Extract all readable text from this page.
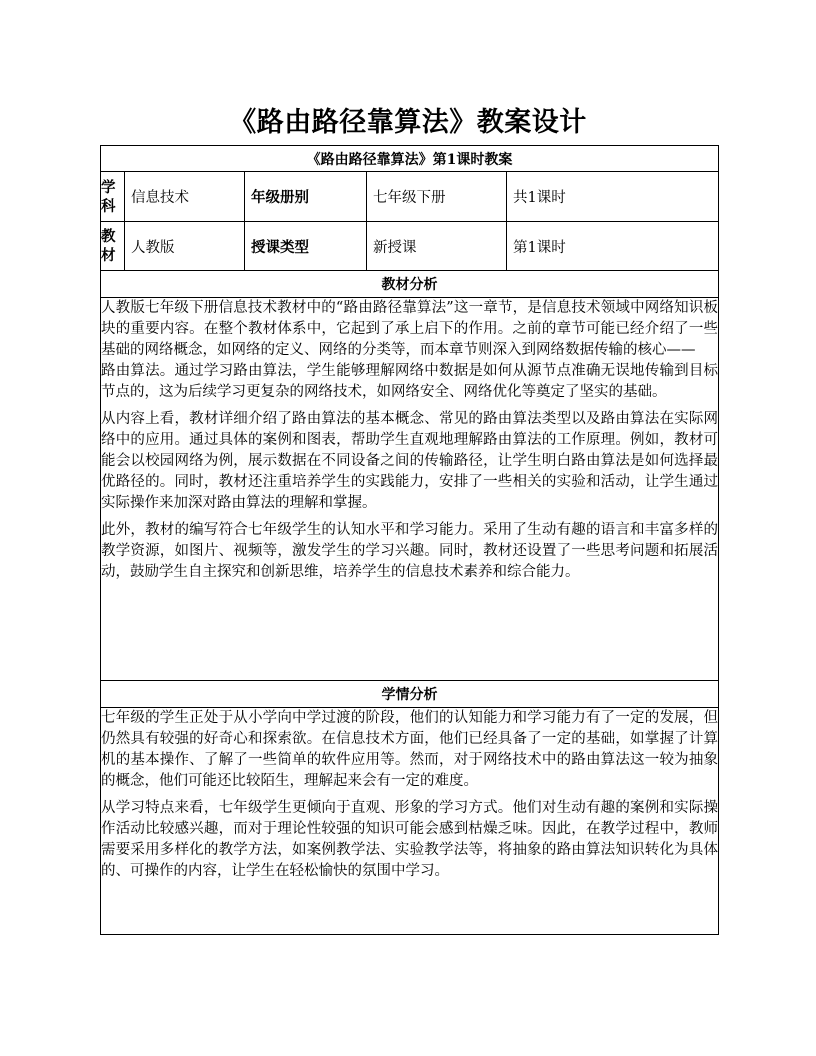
《路由路径靠算法》教案设计
《路由路径靠算法》第1课时教案				
学科	信息技术	年级册别	七年级下册	共1课时
教材	人教版	授课类型	新授课	第1课时
教材分析				

人教版七年级下册信息技术教材中的“路由路径靠算法”这一章节，是信息技术领域中网络知识板块的重要内容。在整个教材体系中，它起到了承上启下的作用。之前的章节可能已经介绍了一些基础的网络概念，如网络的定义、网络的分类等，而本章节则深入到网络数据传输的核心——

路由算法。通过学习路由算法，学生能够理解网络中数据是如何从源节点准确无误地传输到目标节点的，这为后续学习更复杂的网络技术，如网络安全、网络优化等奠定了坚实的基础。

从内容上看，教材详细介绍了路由算法的基本概念、常见的路由算法类型以及路由算法在实际网络中的应用。通过具体的案例和图表，帮助学生直观地理解路由算法的工作原理。例如，教材可能会以校园网络为例，展示数据在不同设备之间的传输路径，让学生明白路由算法是如何选择最优路径的。同时，教材还注重培养学生的实践能力，安排了一些相关的实验和活动，让学生通过实际操作来加深对路由算法的理解和掌握。

此外，教材的编写符合七年级学生的认知水平和学习能力。采用了生动有趣的语言和丰富多样的教学资源，如图片、视频等，激发学生的学习兴趣。同时，教材还设置了一些思考问题和拓展活动，鼓励学生自主探究和创新思维，培养学生的信息技术素养和综合能力。				

学情分析				

七年级的学生正处于从小学向中学过渡的阶段，他们的认知能力和学习能力有了一定的发展，但仍然具有较强的好奇心和探索欲。在信息技术方面，他们已经具备了一定的基础，如掌握了计算机的基本操作、了解了一些简单的软件应用等。然而，对于网络技术中的路由算法这一较为抽象的概念，他们可能还比较陌生，理解起来会有一定的难度。

从学习特点来看，七年级学生更倾向于直观、形象的学习方式。他们对生动有趣的案例和实际操作活动比较感兴趣，而对于理论性较强的知识可能会感到枯燥乏味。因此，在教学过程中，教师需要采用多样化的教学方法，如案例教学法、实验教学法等，将抽象的路由算法知识转化为具体的、可操作的内容，让学生在轻松愉快的氛围中学习。				
